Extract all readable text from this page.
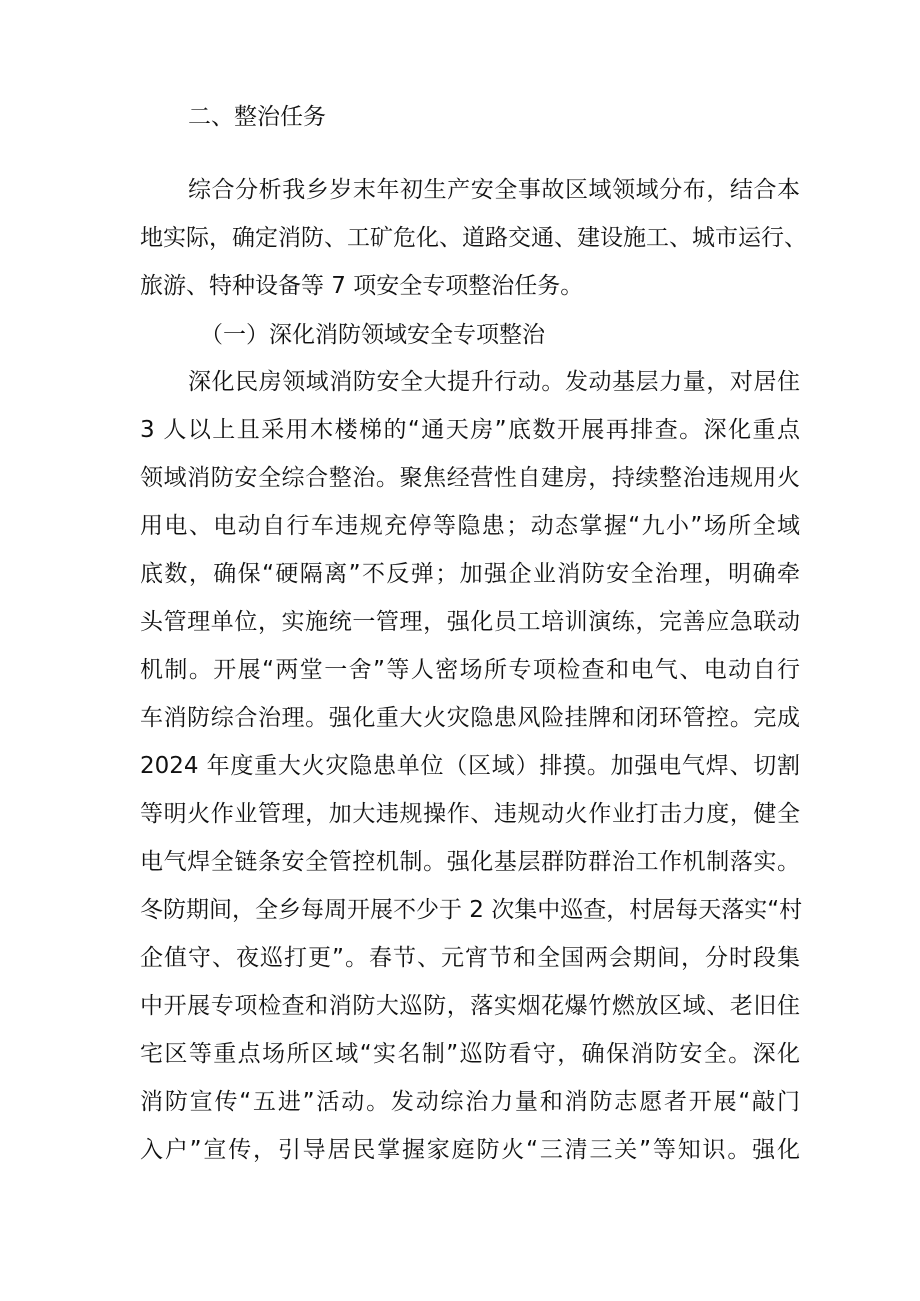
二、整治任务
综合分析我乡岁末年初生产安全事故区域领域分布，结合本
地实际，确定消防、工矿危化、道路交通、建设施工、城市运行、
旅游、特种设备等 7 项安全专项整治任务。
（一）深化消防领域安全专项整治
深化民房领域消防安全大提升行动。发动基层力量，对居住
3 人以上且采用木楼梯的“通天房”底数开展再排查。深化重点
领域消防安全综合整治。聚焦经营性自建房，持续整治违规用火
用电、电动自行车违规充停等隐患；动态掌握“九小”场所全域
底数，确保“硬隔离”不反弹；加强企业消防安全治理，明确牵
头管理单位，实施统一管理，强化员工培训演练，完善应急联动
机制。开展“两堂一舍”等人密场所专项检查和电气、电动自行
车消防综合治理。强化重大火灾隐患风险挂牌和闭环管控。完成
2024 年度重大火灾隐患单位（区域）排摸。加强电气焊、切割
等明火作业管理，加大违规操作、违规动火作业打击力度，健全
电气焊全链条安全管控机制。强化基层群防群治工作机制落实。
冬防期间，全乡每周开展不少于 2 次集中巡查，村居每天落实“村
企值守、夜巡打更”。春节、元宵节和全国两会期间，分时段集
中开展专项检查和消防大巡防，落实烟花爆竹燃放区域、老旧住
宅区等重点场所区域“实名制”巡防看守，确保消防安全。深化
消防宣传“五进”活动。发动综治力量和消防志愿者开展“敲门
入户”宣传，引导居民掌握家庭防火“三清三关”等知识。强化
